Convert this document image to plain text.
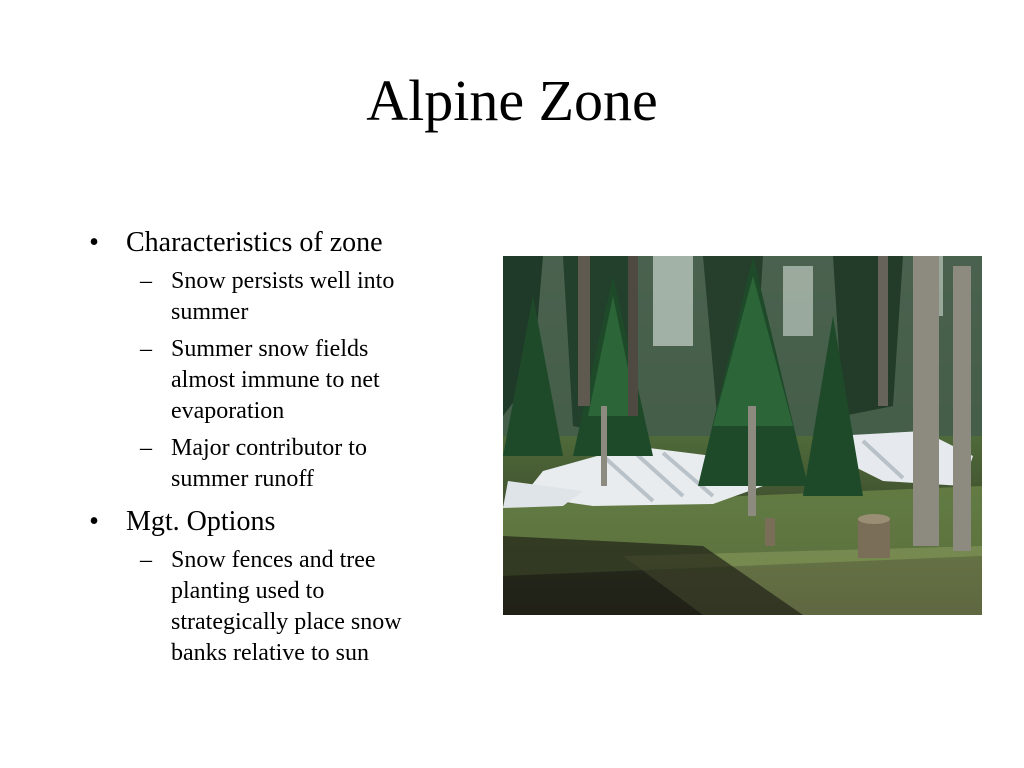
Alpine Zone
• Characteristics of zone
– Snow persists well into
summer
– Summer snow fields
almost immune to net
evaporation
– Major contributor to
summer runoff
• Mgt. Options
– Snow fences and tree
planting used to
strategically place snow
banks relative to sun
